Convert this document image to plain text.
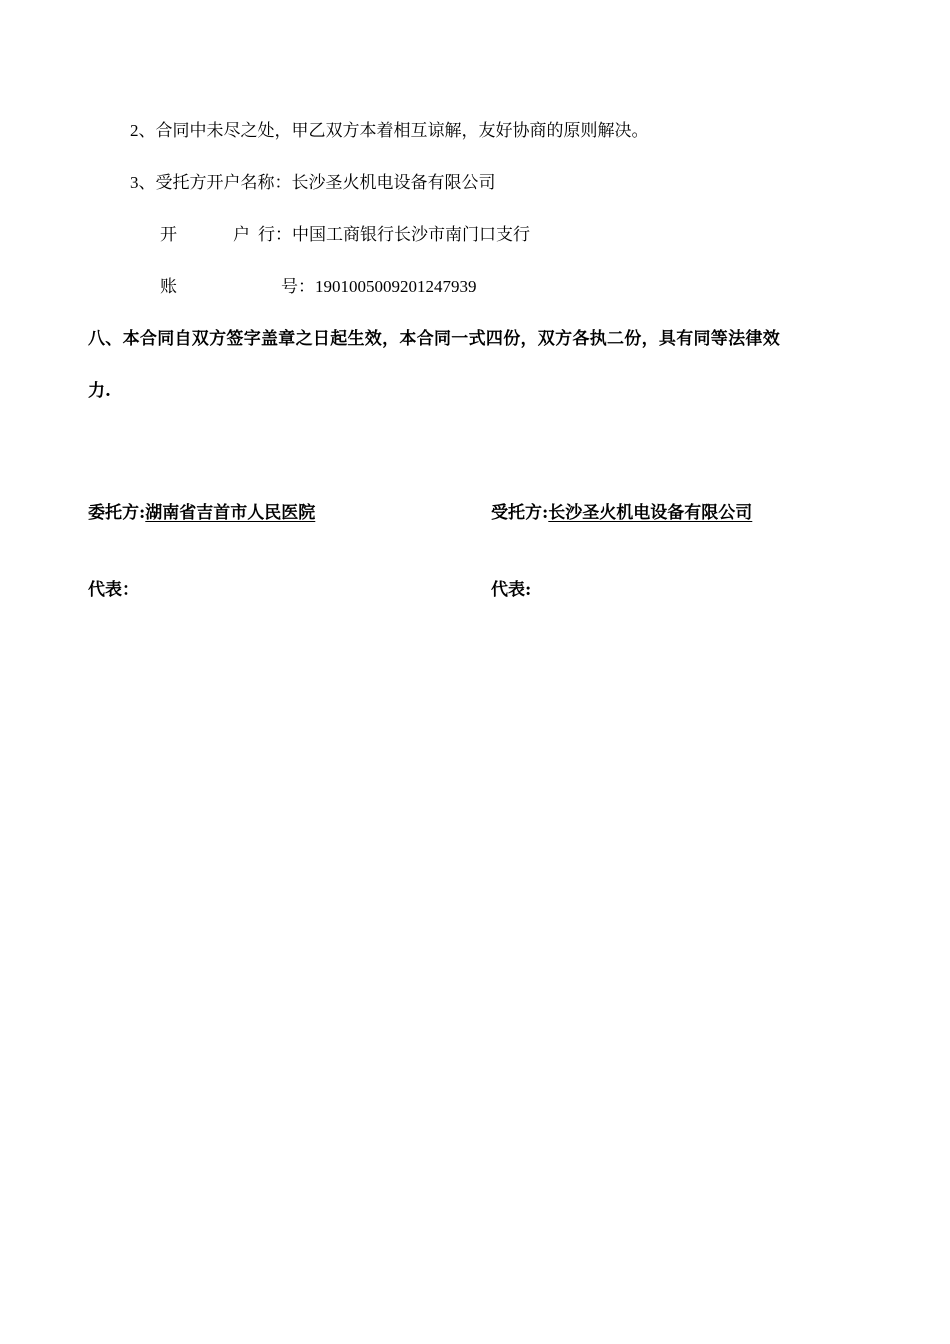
2、合同中未尽之处，甲乙双方本着相互谅解，友好协商的原则解决。
3、受托方开户名称：长沙圣火机电设备有限公司
开	户 行：中国工商银行长沙市南门口支行
账	号：1901005009201247939
八、本合同自双方签字盖章之日起生效，本合同一式四份，双方各执二份，具有同等法律效
力.
委托方:湖南省吉首市人民医院	受托方:长沙圣火机电设备有限公司
代表：	代表:
